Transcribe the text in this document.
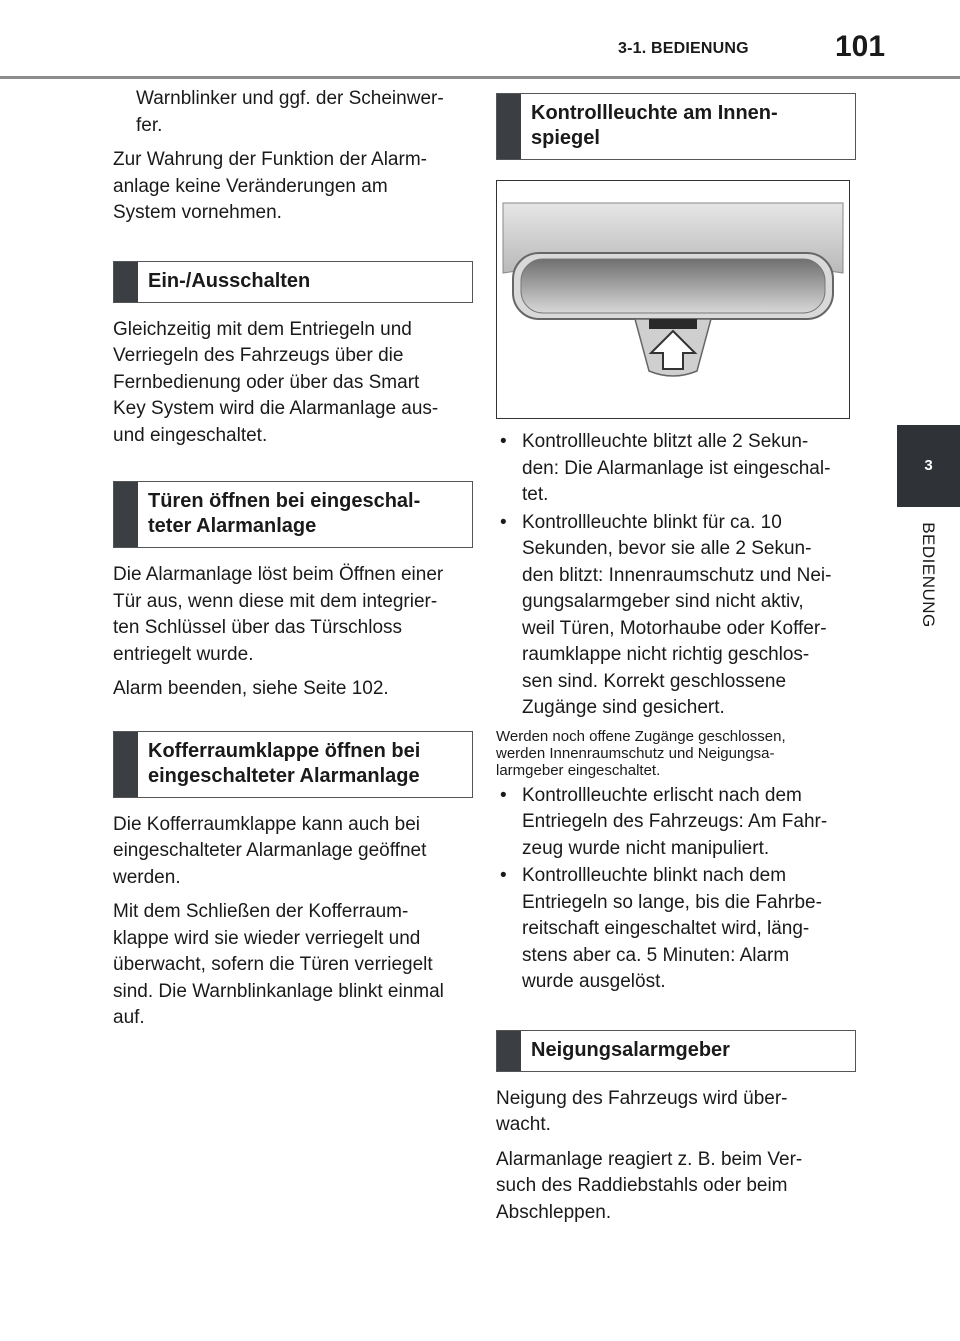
3-1. BEDIENUNG	101
3
BEDIENUNG

Warnblinker und ggf. der Scheinwer-
fer.

Zur Wahrung der Funktion der Alarm-
anlage keine Veränderungen am
System vornehmen.

Ein-/Ausschalten

Gleichzeitig mit dem Entriegeln und
Verriegeln des Fahrzeugs über die
Fernbedienung oder über das Smart
Key System wird die Alarmanlage aus-
und eingeschaltet.

Türen öffnen bei eingeschal-
teter Alarmanlage

Die Alarmanlage löst beim Öffnen einer
Tür aus, wenn diese mit dem integrier-
ten Schlüssel über das Türschloss
entriegelt wurde.

Alarm beenden, siehe Seite 102.

Kofferraumklappe öffnen bei
eingeschalteter Alarmanlage

Die Kofferraumklappe kann auch bei
eingeschalteter Alarmanlage geöffnet
werden.

Mit dem Schließen der Kofferraum-
klappe wird sie wieder verriegelt und
überwacht, sofern die Türen verriegelt
sind. Die Warnblinkanlage blinkt einmal
auf.

Kontrollleuchte am Innen-
spiegel
• Kontrollleuchte blitzt alle 2 Sekun-
den: Die Alarmanlage ist eingeschal-
tet.
• Kontrollleuchte blinkt für ca. 10
Sekunden, bevor sie alle 2 Sekun-
den blitzt: Innenraumschutz und Nei-
gungsalarmgeber sind nicht aktiv,
weil Türen, Motorhaube oder Koffer-
raumklappe nicht richtig geschlos-
sen sind. Korrekt geschlossene
Zugänge sind gesichert.

Werden noch offene Zugänge geschlossen,
werden Innenraumschutz und Neigungsa-
larmgeber eingeschaltet.

• Kontrollleuchte erlischt nach dem
Entriegeln des Fahrzeugs: Am Fahr-
zeug wurde nicht manipuliert.
• Kontrollleuchte blinkt nach dem
Entriegeln so lange, bis die Fahrbe-
reitschaft eingeschaltet wird, läng-
stens aber ca. 5 Minuten: Alarm
wurde ausgelöst.
Neigungsalarmgeber

Neigung des Fahrzeugs wird über-
wacht.

Alarmanlage reagiert z. B. beim Ver-
such des Raddiebstahls oder beim
Abschleppen.
